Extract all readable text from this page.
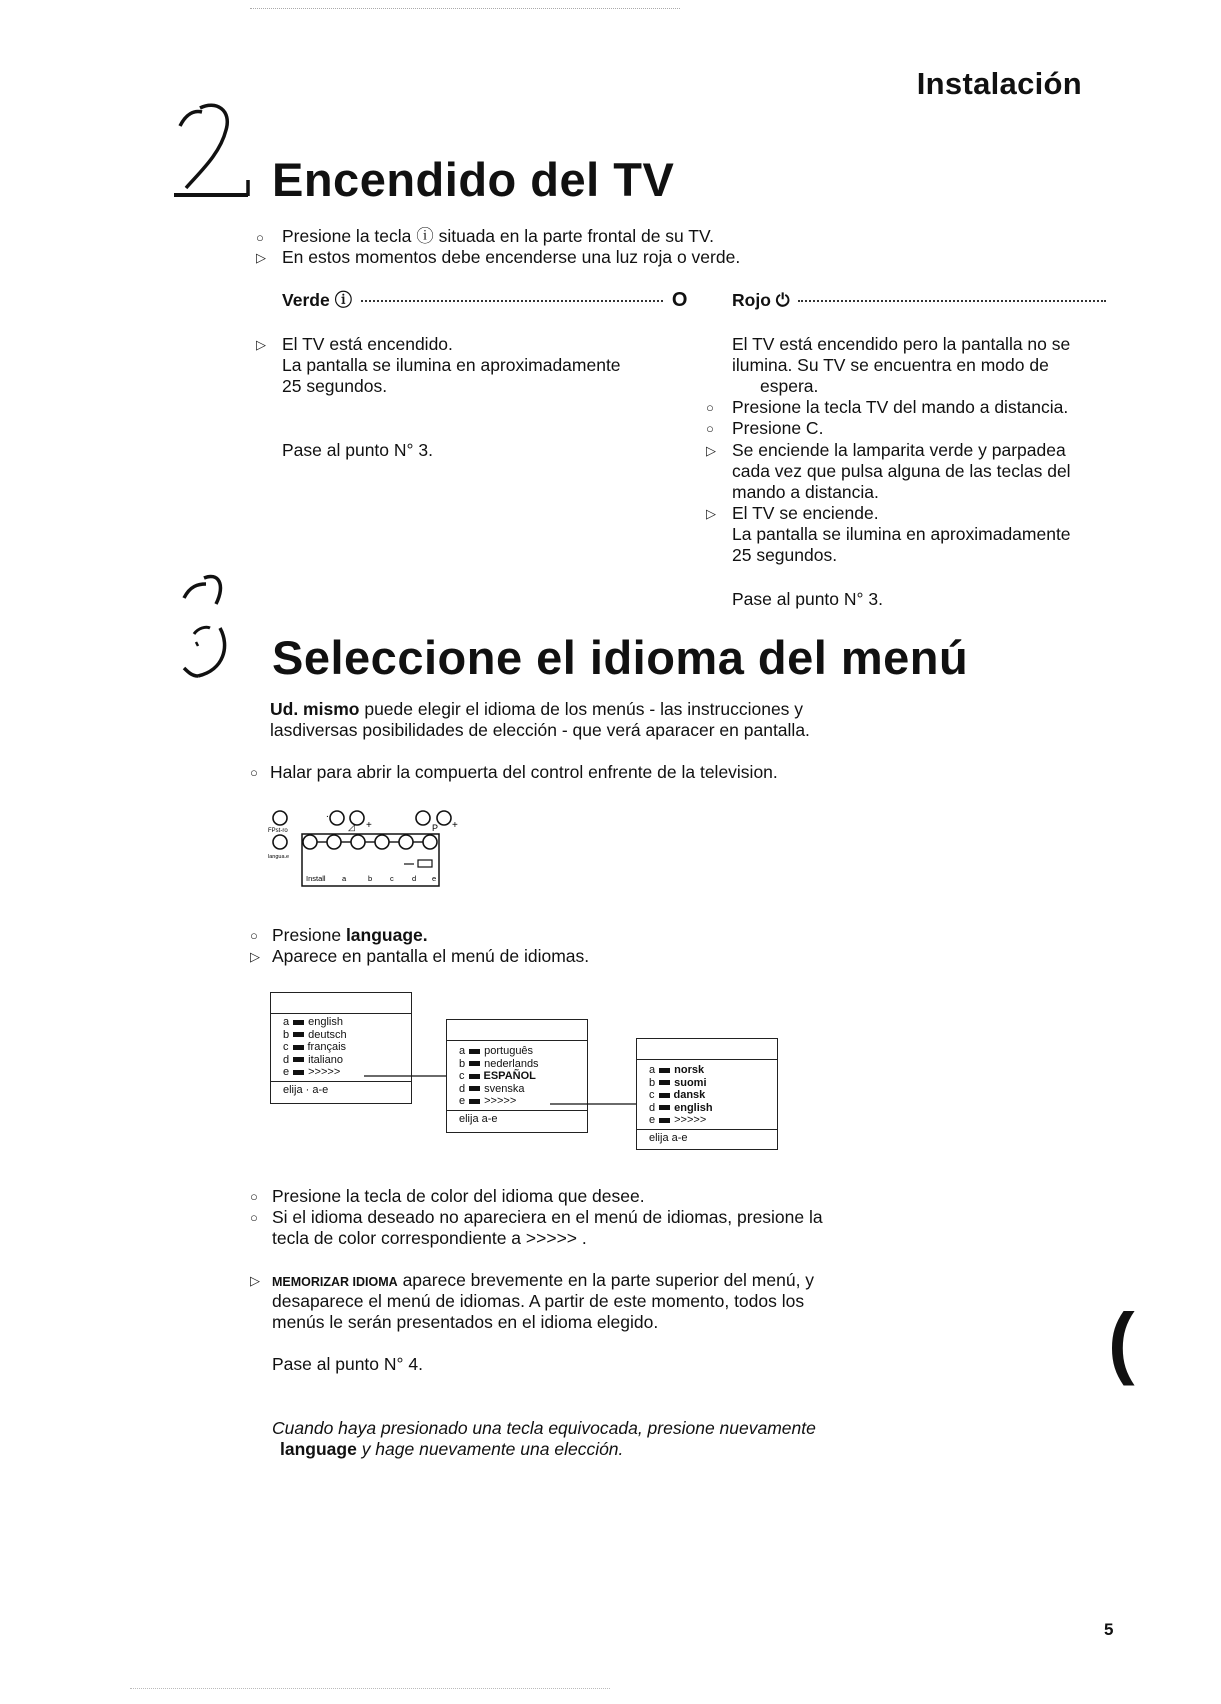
Instalación
Encendido del TV
○	Presione la tecla ⓘ situada en la parte frontal de su TV.
▷ En estos momentos debe encenderse una luz roja o verde.
Verde ⓘ	O	Rojo ⏻
▷ El TV está encendido.
La pantalla se ilumina en aproximadamente
25 segundos.
Pase al punto N° 3.
El TV está encendido pero la pantalla no se
ilumina. Su TV se encuentra en modo de
espera.
○	Presione la tecla TV del mando a distancia.
○	Presione C.
▷ Se enciende la lamparita verde y parpadea
cada vez que pulsa alguna de las teclas del
mando a distancia.
▷ El TV se enciende.
La pantalla se ilumina en aproximadamente
25 segundos.
Pase al punto N° 3.
Seleccione el idioma del menú
Ud. mismo puede elegir el idioma de los menús - las instrucciones y
lasdiversas posibilidades de elección - que verá aparacer en pantalla.
○ Halar para abrir la compuerta del control enfrente de la television.
.
◿ +	P +
FPst-ro
langua.e
Install a	b c d e
○ Presione language.
▷ Aparece en pantalla el menú de idiomas.
a english
b deutsch
c français
d italiano
e >>>>>
elija · a-e
a português
b nederlands
c ESPAÑOL
d svenska
e >>>>>
elija a-e
a norsk
b suomi
c dansk
d english
e >>>>>
elija a-e
○ Presione la tecla de color del idioma que desee.
○ Si el idioma deseado no apareciera en el menú de idiomas, presione la
tecla de color correspondiente a >>>>> .
▷ MEMORIZAR IDIOMA aparece brevemente en la parte superior del menú, y
desaparece el menú de idiomas. A partir de este momento, todos los
menús le serán presentados en el idioma elegido.
Pase al punto N° 4.
Cuando haya presionado una tecla equivocada, presione nuevamente
language y hage nuevamente una elección.
(
5
